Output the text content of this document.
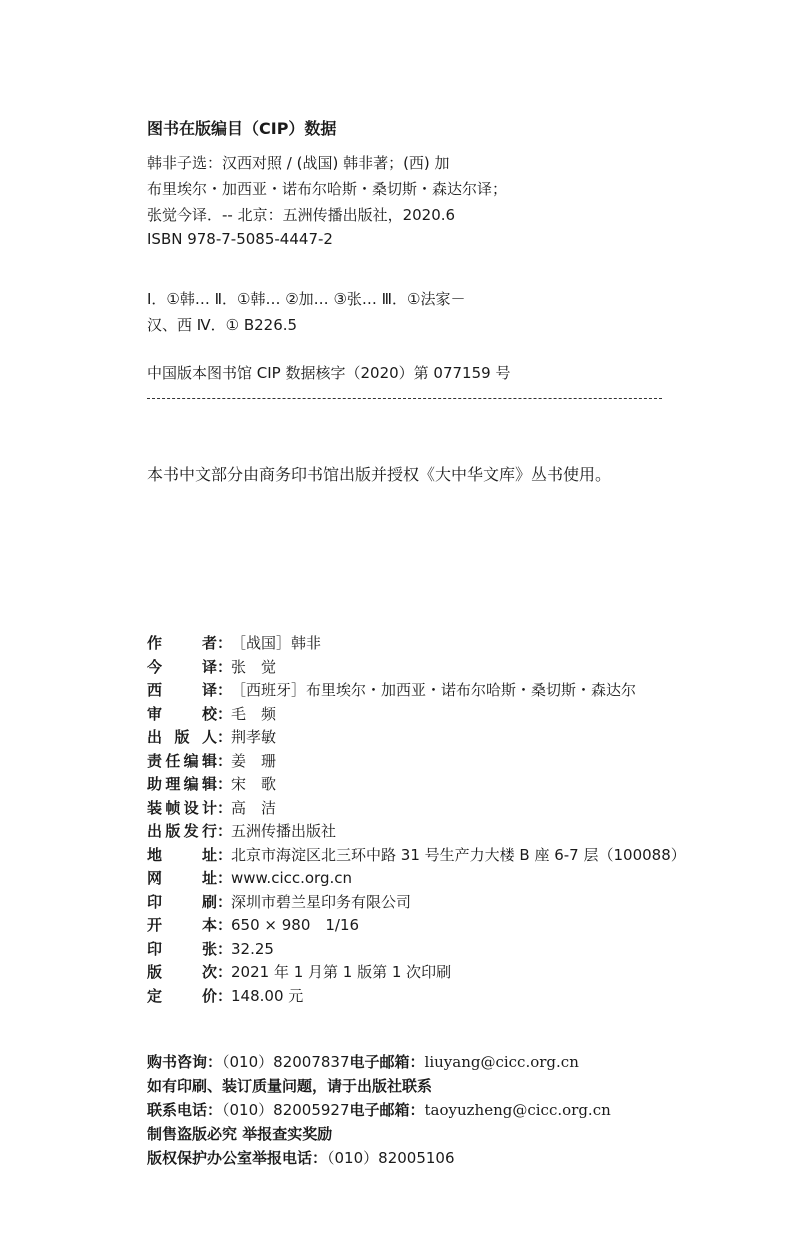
图书在版编目（CIP）数据
韩非子选：汉西对照 / (战国) 韩非著；(西) 加
布里埃尔・加西亚・诺布尔哈斯・桑切斯・森达尔译；
张觉今译．-- 北京：五洲传播出版社，2020.6
ISBN 978-7-5085-4447-2
Ⅰ．①韩… Ⅱ．①韩… ②加… ③张… Ⅲ．①法家－
汉、西 Ⅳ．① B226.5
中国版本图书馆 CIP 数据核字（2020）第 077159 号
本书中文部分由商务印书馆出版并授权《大中华文库》丛书使用。
作	者 ：
［战国］韩非
今	译 ：
张　觉
西	译 ：
［西班牙］布里埃尔・加西亚・诺布尔哈斯・桑切斯・森达尔
审	校 ：
毛　频
出 版 人 ：
荆孝敏
责 任 编 辑 ：
姜　珊
助 理 编 辑 ：
宋　歌
装 帧 设 计 ：
高　洁
出 版 发 行 ：
五洲传播出版社
地	址 ：
北京市海淀区北三环中路 31 号生产力大楼 B 座 6-7 层（100088）
网	址 ：
www.cicc.org.cn
印	刷 ：
深圳市碧兰星印务有限公司
开	本 ：
650 × 980　1/16
印	张 ：
32.25
版	次 ：
2021 年 1 月第 1 版第 1 次印刷
定	价 ：
148.00 元
购书咨询：（010）82007837电子邮箱：liuyang@cicc.org.cn
如有印刷、装订质量问题，请于出版社联系
联系电话：（010）82005927电子邮箱：taoyuzheng@cicc.org.cn
制售盗版必究 举报查实奖励
版权保护办公室举报电话：（010）82005106
